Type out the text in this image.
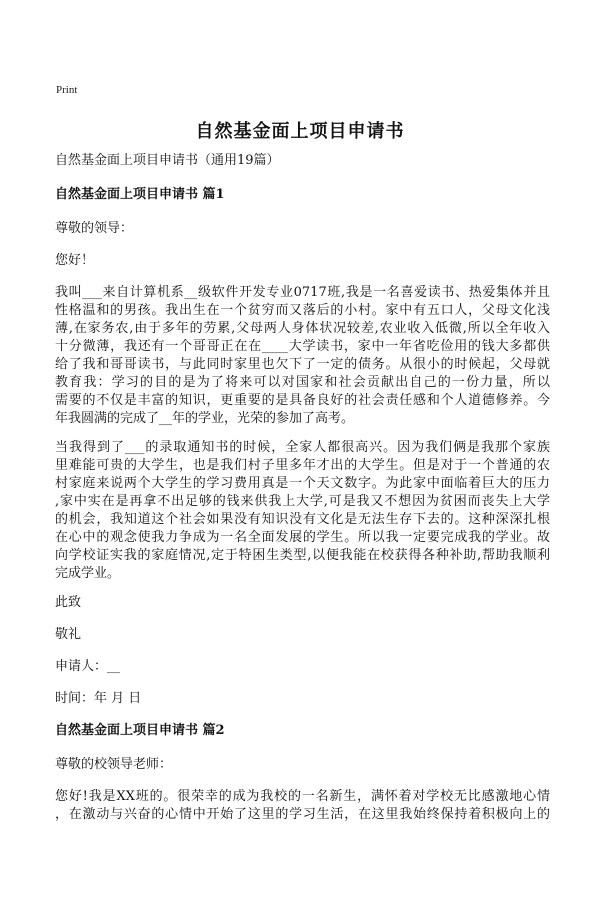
Print
自然基金面上项目申请书

自然基金面上项目申请书（通用19篇）

自然基金面上项目申请书 篇1

尊敬的领导：

您好！

我叫___来自计算机系__级软件开发专业0717班,我是一名喜爱读书、热爱集体并且
性格温和的男孩。我出生在一个贫穷而又落后的小村。家中有五口人，父母文化浅
薄,在家务农,由于多年的劳累,父母两人身体状况较差,农业收入低微,所以全年收入
十分微薄，我还有一个哥哥正在在____大学读书，家中一年省吃俭用的钱大多都供
给了我和哥哥读书，与此同时家里也欠下了一定的债务。从很小的时候起，父母就
教育我：学习的目的是为了将来可以对国家和社会贡献出自己的一份力量，所以
需要的不仅是丰富的知识，更重要的是具备良好的社会责任感和个人道德修养。今
年我圆满的完成了__年的学业，光荣的参加了高考。
当我得到了___的录取通知书的时候，全家人都很高兴。因为我们俩是我那个家族
里难能可贵的大学生，也是我们村子里多年才出的大学生。但是对于一个普通的农
村家庭来说两个大学生的学习费用真是一个天文数字。为此家中面临着巨大的压力
,家中实在是再拿不出足够的钱来供我上大学,可是我又不想因为贫困而丧失上大学
的机会，我知道这个社会如果没有知识没有文化是无法生存下去的。这种深深扎根
在心中的观念使我力争成为一名全面发展的学生。所以我一定要完成我的学业。故
向学校证实我的家庭情况,定于特困生类型,以便我能在校获得各种补助,帮助我顺利
完成学业。

此致

敬礼

申请人：__

时间：年 月 日

自然基金面上项目申请书 篇2

尊敬的校领导老师：

您好!我是XX班的。很荣幸的成为我校的一名新生，满怀着对学校无比感激地心情
，在激动与兴奋的心情中开始了这里的学习生活，在这里我始终保持着积极向上的
